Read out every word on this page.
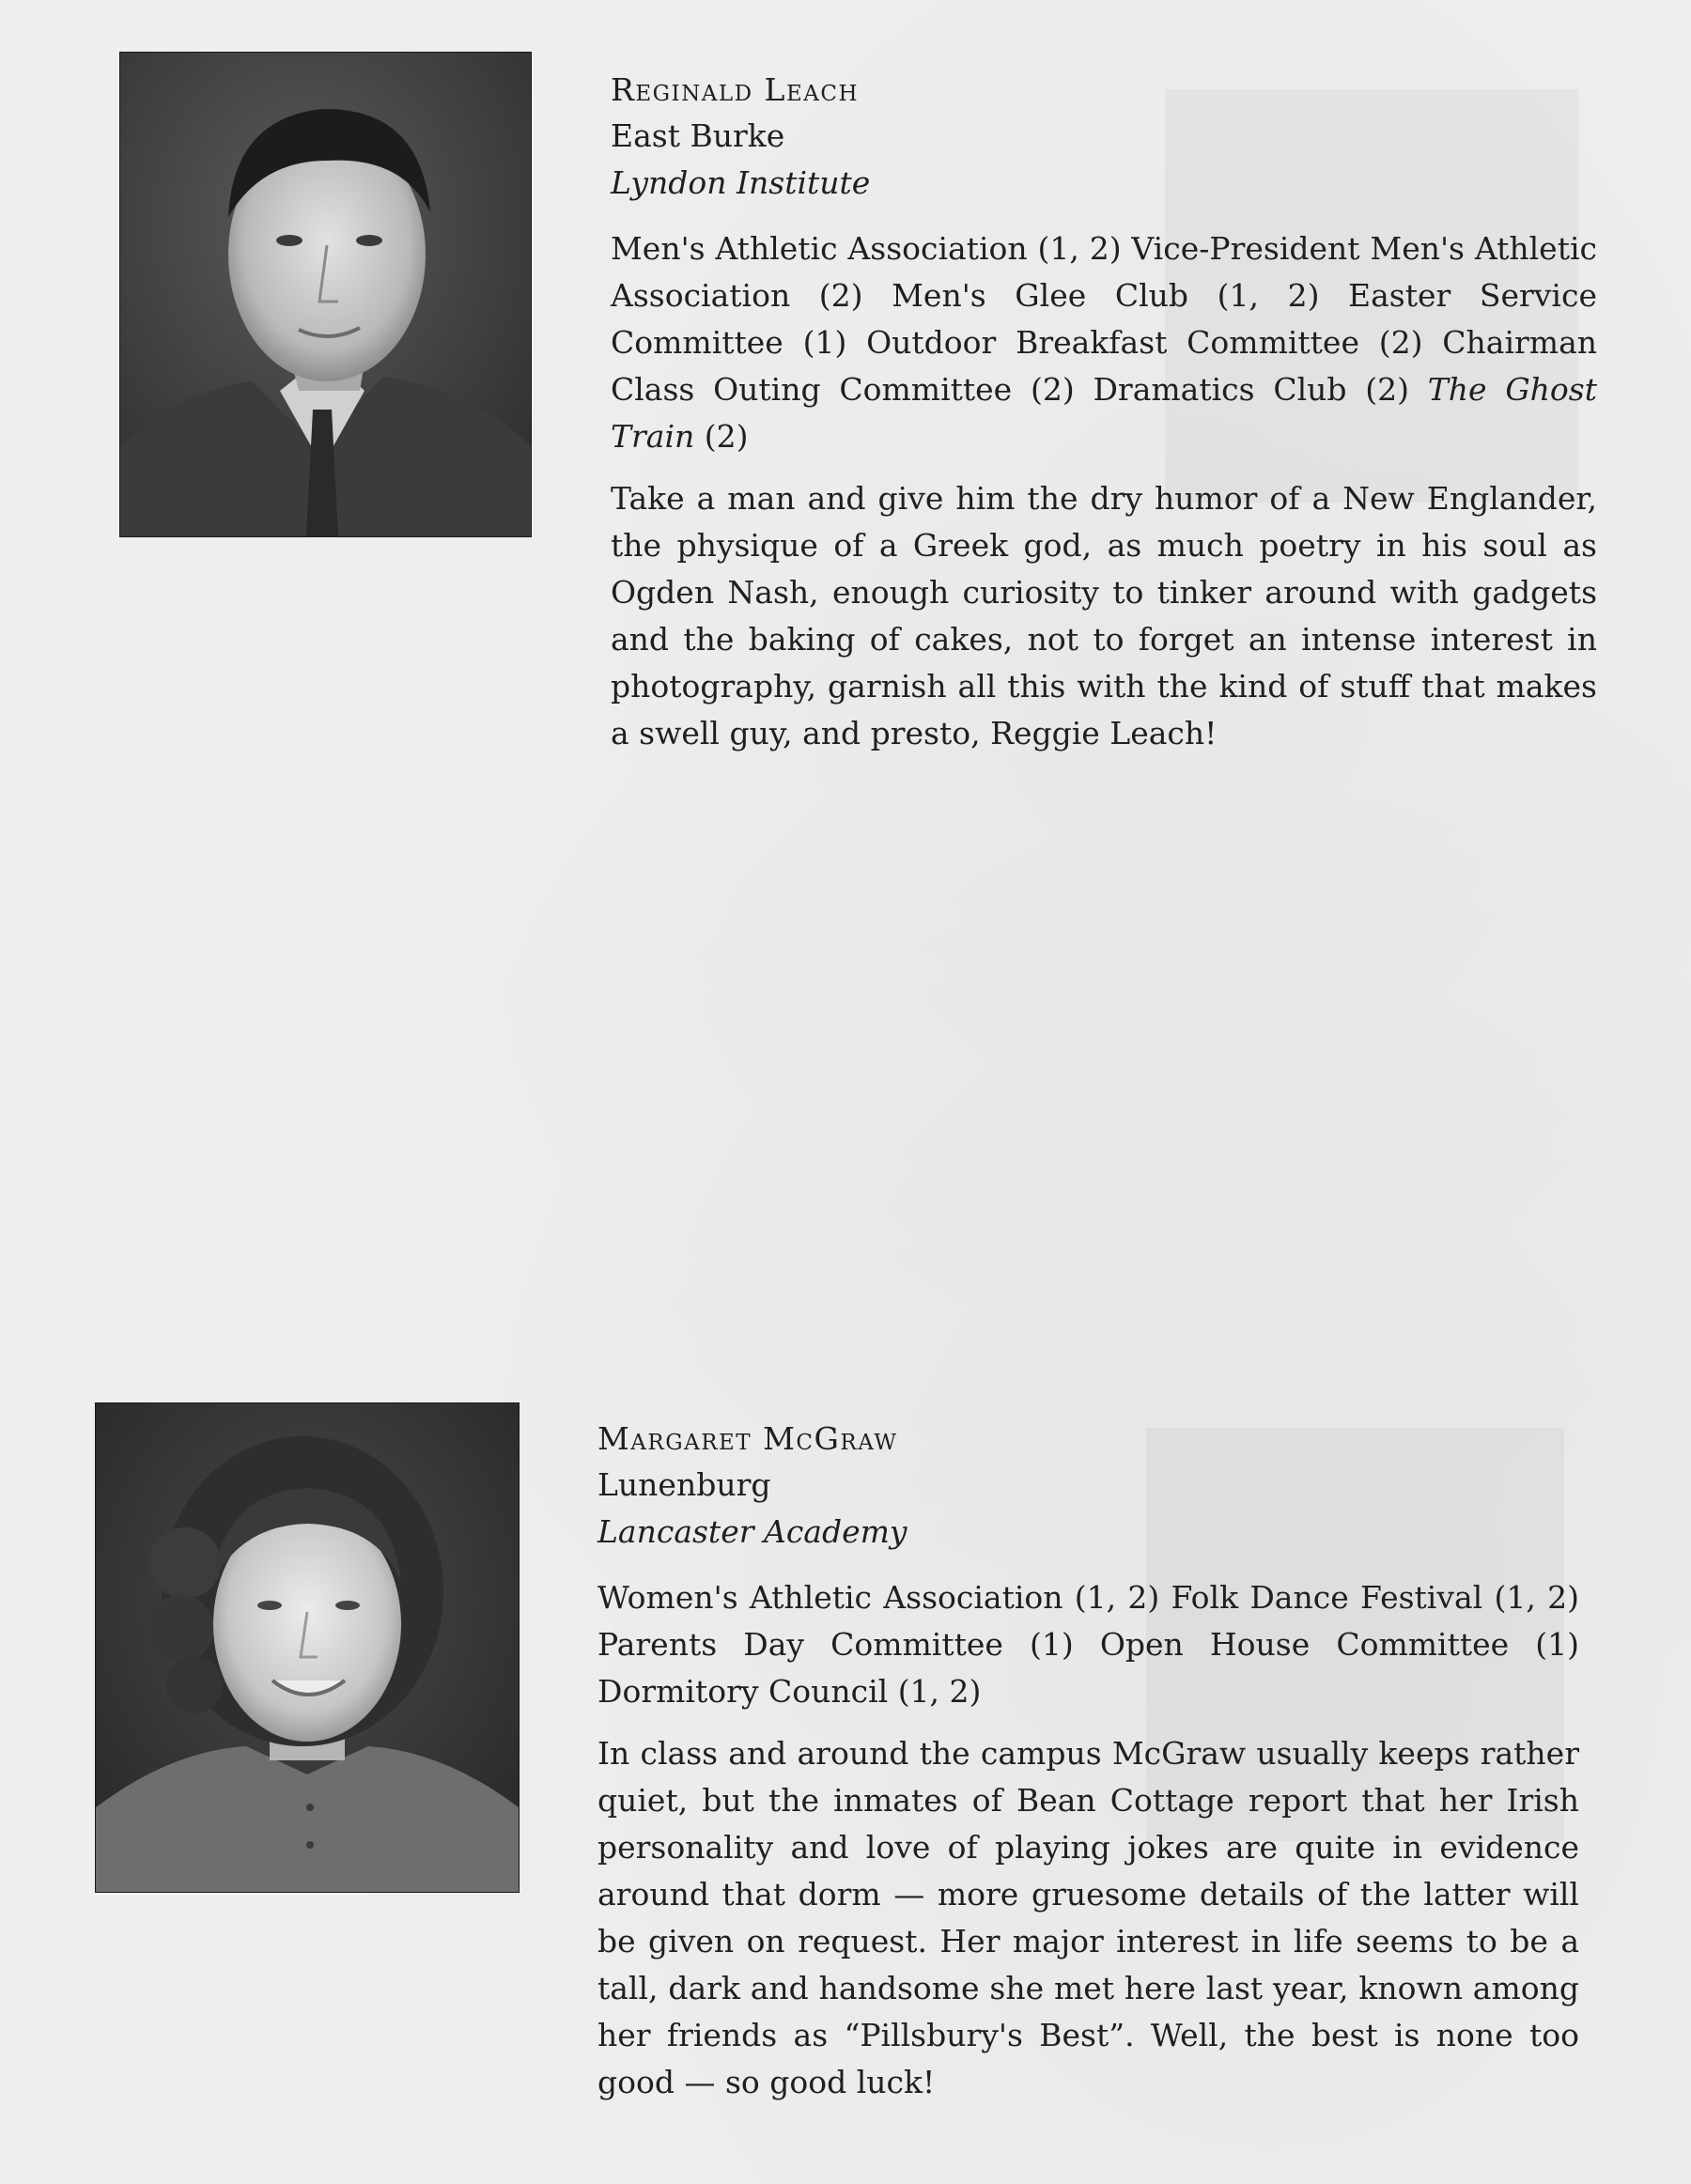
Reginald Leach

East Burke

Lyndon Institute

Men's Athletic Association (1, 2) Vice-President Men's Athletic Association (2) Men's Glee Club (1, 2) Easter Service Committee (1) Outdoor Breakfast Committee (2) Chairman Class Outing Committee (2) Dramatics Club (2) The Ghost Train (2)

Take a man and give him the dry humor of a New Englander, the physique of a Greek god, as much poetry in his soul as Ogden Nash, enough curiosity to tinker around with gadgets and the baking of cakes, not to forget an intense interest in photography, garnish all this with the kind of stuff that makes a swell guy, and presto, Reggie Leach!

Margaret McGraw

Lunenburg

Lancaster Academy

Women's Athletic Association (1, 2) Folk Dance Festival (1, 2) Parents Day Committee (1) Open House Committee (1) Dormitory Council (1, 2)

In class and around the campus McGraw usually keeps rather quiet, but the inmates of Bean Cottage report that her Irish personality and love of playing jokes are quite in evidence around that dorm — more gruesome details of the latter will be given on request. Her major interest in life seems to be a tall, dark and handsome she met here last year, known among her friends as “Pillsbury's Best”. Well, the best is none too good — so good luck!
